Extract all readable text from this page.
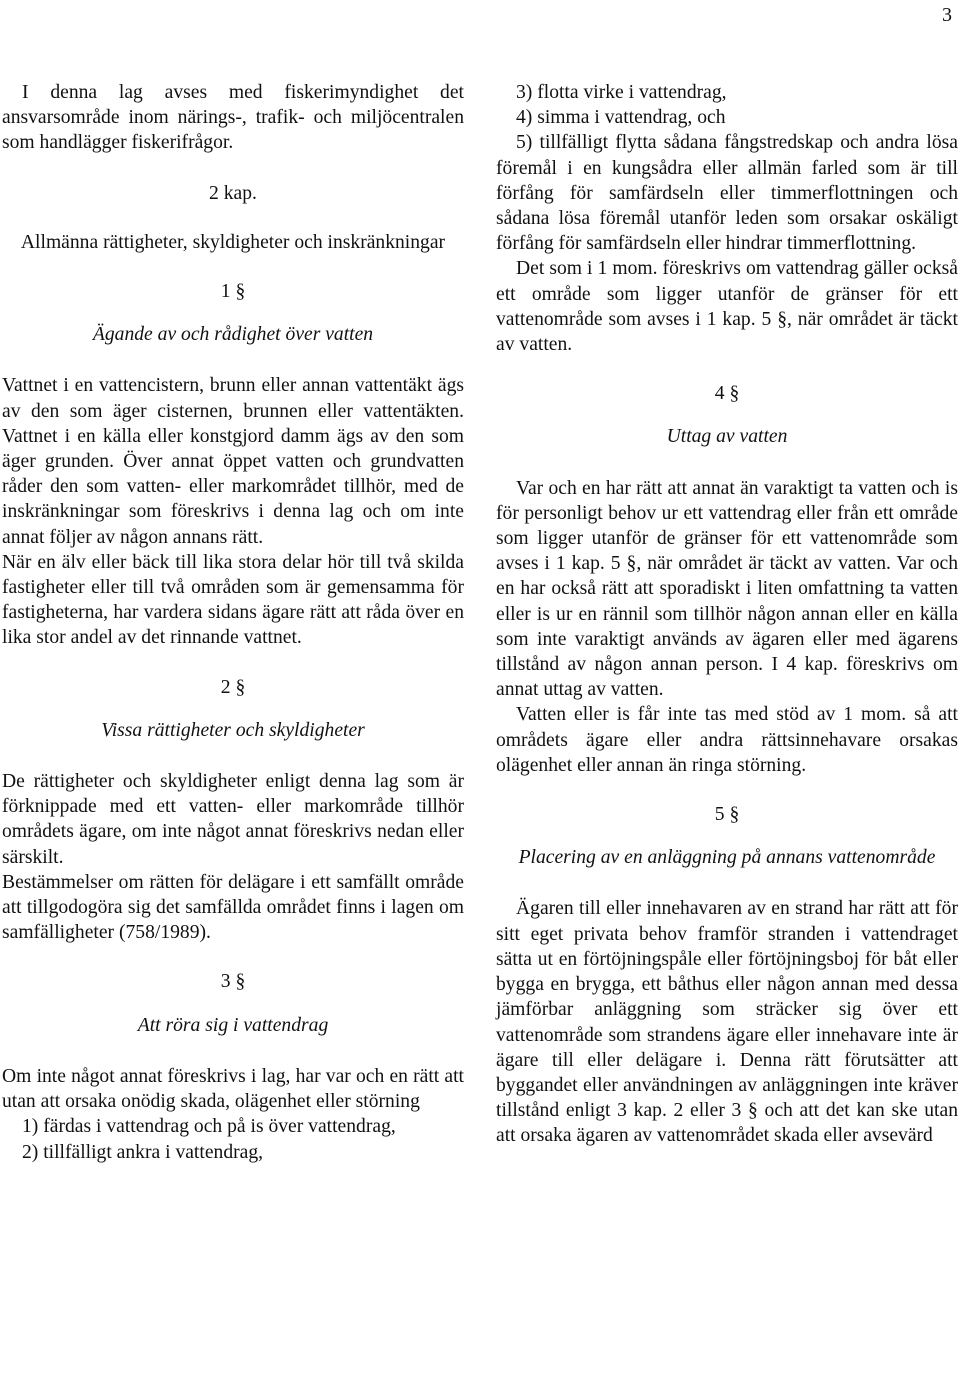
3

I denna lag avses med fiskerimyndighet det ansvarsområde inom närings-, trafik- och miljöcentralen som handlägger fiskerifrågor.

2 kap.
Allmänna rättigheter, skyldigheter och inskränkningar
1 §
Ägande av och rådighet över vatten

Vattnet i en vattencistern, brunn eller annan vattentäkt ägs av den som äger cisternen, brunnen eller vattentäkten. Vattnet i en källa eller konstgjord damm ägs av den som äger grunden. Över annat öppet vatten och grundvatten råder den som vatten- eller markområdet tillhör, med de inskränkningar som föreskrivs i denna lag och om inte annat följer av någon annans rätt.

När en älv eller bäck till lika stora delar hör till två skilda fastigheter eller till två områden som är gemensamma för fastigheterna, har vardera sidans ägare rätt att råda över en lika stor andel av det rinnande vattnet.

2 §
Vissa rättigheter och skyldigheter

De rättigheter och skyldigheter enligt denna lag som är förknippade med ett vatten- eller markområde tillhör områdets ägare, om inte något annat föreskrivs nedan eller särskilt.

Bestämmelser om rätten för delägare i ett samfällt område att tillgodogöra sig det samfällda området finns i lagen om samfälligheter (758/1989).

3 §
Att röra sig i vattendrag

Om inte något annat föreskrivs i lag, har var och en rätt att utan att orsaka onödig skada, olägenhet eller störning

1) färdas i vattendrag och på is över vattendrag,

2) tillfälligt ankra i vattendrag,

3) flotta virke i vattendrag,

4) simma i vattendrag, och

5) tillfälligt flytta sådana fångstredskap och andra lösa föremål i en kungsådra eller allmän farled som är till förfång för samfärdseln eller timmerflottningen och sådana lösa föremål utanför leden som orsakar oskäligt förfång för samfärdseln eller hindrar timmerflottning.

Det som i 1 mom. föreskrivs om vattendrag gäller också ett område som ligger utanför de gränser för ett vattenområde som avses i 1 kap. 5 §, när området är täckt av vatten.

4 §
Uttag av vatten

Var och en har rätt att annat än varaktigt ta vatten och is för personligt behov ur ett vattendrag eller från ett område som ligger utanför de gränser för ett vattenområde som avses i 1 kap. 5 §, när området är täckt av vatten. Var och en har också rätt att sporadiskt i liten omfattning ta vatten eller is ur en rännil som tillhör någon annan eller en källa som inte varaktigt används av ägaren eller med ägarens tillstånd av någon annan person. I 4 kap. föreskrivs om annat uttag av vatten.

Vatten eller is får inte tas med stöd av 1 mom. så att områdets ägare eller andra rättsinnehavare orsakas olägenhet eller annan än ringa störning.

5 §
Placering av en anläggning på annans vattenområde

Ägaren till eller innehavaren av en strand har rätt att för sitt eget privata behov framför stranden i vattendraget sätta ut en förtöjningspåle eller förtöjningsboj för båt eller bygga en brygga, ett båthus eller någon annan med dessa jämförbar anläggning som sträcker sig över ett vattenområde som strandens ägare eller innehavare inte är ägare till eller delägare i. Denna rätt förutsätter att byggandet eller användningen av anläggningen inte kräver tillstånd enligt 3 kap. 2 eller 3 § och att det kan ske utan att orsaka ägaren av vattenområdet skada eller avsevärd
